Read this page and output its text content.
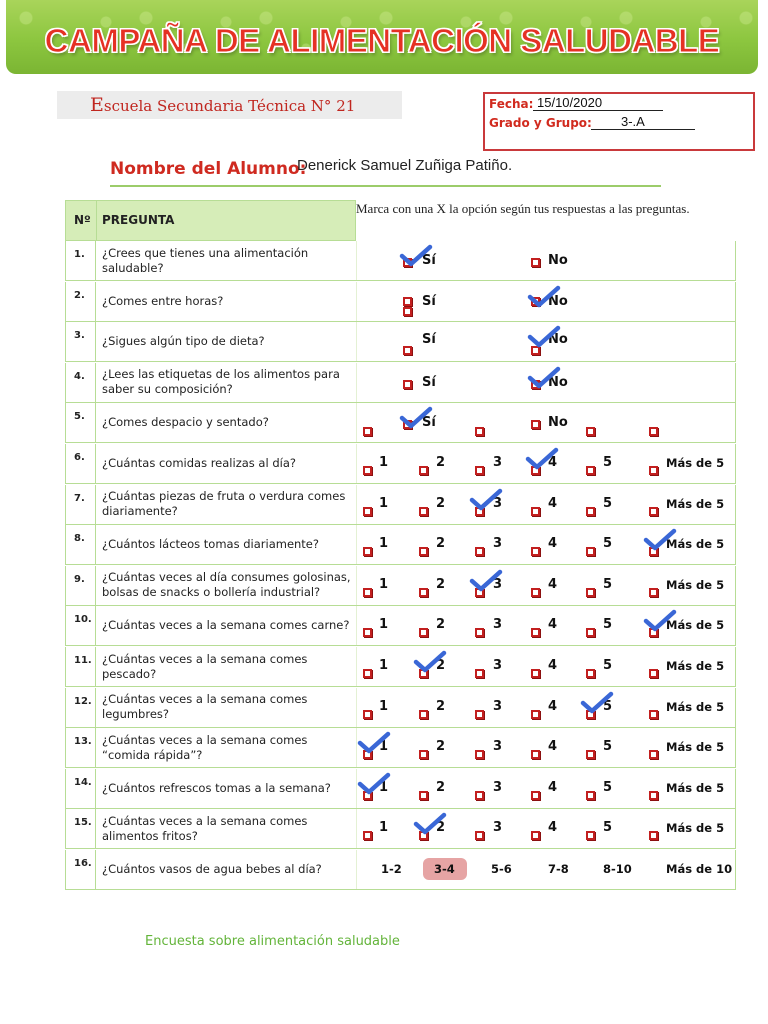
CAMPAÑA DE ALIMENTACIÓN SALUDABLE
Escuela Secundaria Técnica N° 21	Fecha: 15/10/2020
Grado y Grupo: 3-.A
Nombre del Alumno:
Denerick Samuel Zuñiga Patiño.
Marca con una X la opción según tus respuestas a las preguntas.
Nº PREGUNTA
1. ¿Crees que tienes una alimentación saludable?	Sí	No
2. ¿Comes entre horas?	Sí	No
3. ¿Sigues algún tipo de dieta?	Sí	No
4. ¿Lees las etiquetas de los alimentos para saber su composición?	Sí	No
5. ¿Comes despacio y sentado?	Sí	No
6. ¿Cuántas comidas realizas al día?	1	2	3	4	5	Más de 5
7. ¿Cuántas piezas de fruta o verdura comes diariamente?
1	2	3	4	5	Más de 5
8. ¿Cuántos lácteos tomas diariamente?	1	2	3	4	5	Más de 5
9. ¿Cuántas veces al día consumes golosinas, bolsas de snacks o bollería industrial?
1	2	3	4	5	Más de 5
10. ¿Cuántas veces a la semana comes carne? 1	2	3	4	5	Más de 5
11. ¿Cuántas veces a la semana comes pescado?
1	2	3	4	5	Más de 5
12. ¿Cuántas veces a la semana comes legumbres?
1	2	3	4	5	Más de 5
13. ¿Cuántas veces a la semana comes “comida rápida”?
1	2	3	4	5	Más de 5
14. ¿Cuántos refrescos tomas a la semana?	1	2	3	4	5	Más de 5
15. ¿Cuántas veces a la semana comes alimentos fritos?
1	2	3	4	5	Más de 5
16. ¿Cuántos vasos de agua bebes al día?	1-2	3-4	5-6	7-8	8-10	Más de 10
Encuesta sobre alimentación saludable
